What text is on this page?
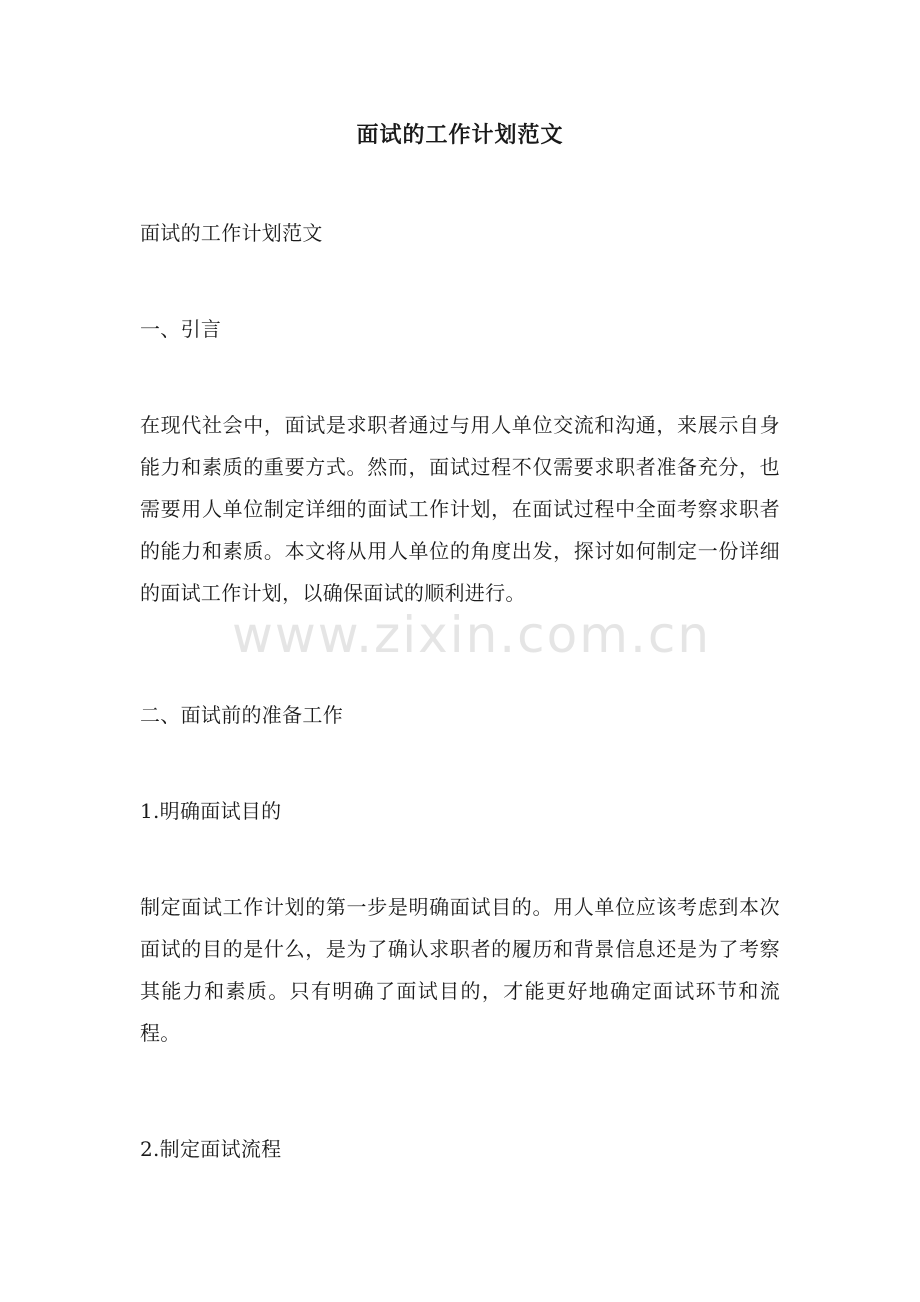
面试的工作计划范文

面试的工作计划范文

一、引言

在现代社会中，面试是求职者通过与用人单位交流和沟通，来展示自身能力和素质的重要方式。然而，面试过程不仅需要求职者准备充分，也需要用人单位制定详细的面试工作计划，在面试过程中全面考察求职者的能力和素质。本文将从用人单位的角度出发，探讨如何制定一份详细的面试工作计划，以确保面试的顺利进行。

二、面试前的准备工作

1.明确面试目的

制定面试工作计划的第一步是明确面试目的。用人单位应该考虑到本次面试的目的是什么，是为了确认求职者的履历和背景信息还是为了考察其能力和素质。只有明确了面试目的，才能更好地确定面试环节和流程。

2.制定面试流程

www.zixin.com.cn
